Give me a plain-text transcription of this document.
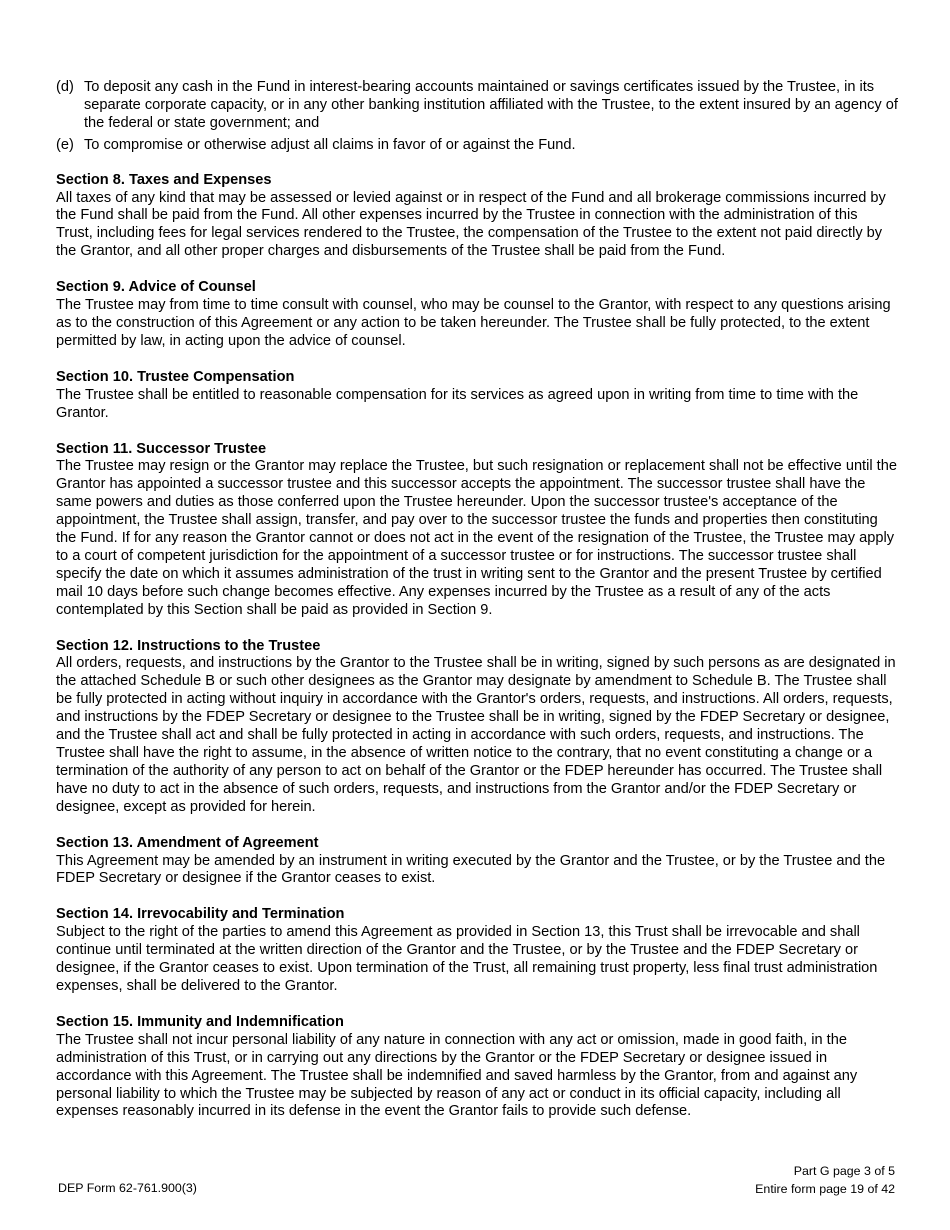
(d) To deposit any cash in the Fund in interest-bearing accounts maintained or savings certificates issued by the Trustee, in its separate corporate capacity, or in any other banking institution affiliated with the Trustee, to the extent insured by an agency of the federal or state government; and
(e) To compromise or otherwise adjust all claims in favor of or against the Fund.
Section 8. Taxes and Expenses
All taxes of any kind that may be assessed or levied against or in respect of the Fund and all brokerage commissions incurred by the Fund shall be paid from the Fund. All other expenses incurred by the Trustee in connection with the administration of this Trust, including fees for legal services rendered to the Trustee, the compensation of the Trustee to the extent not paid directly by the Grantor, and all other proper charges and disbursements of the Trustee shall be paid from the Fund.
Section 9. Advice of Counsel
The Trustee may from time to time consult with counsel, who may be counsel to the Grantor, with respect to any questions arising as to the construction of this Agreement or any action to be taken hereunder. The Trustee shall be fully protected, to the extent permitted by law, in acting upon the advice of counsel.
Section 10. Trustee Compensation
The Trustee shall be entitled to reasonable compensation for its services as agreed upon in writing from time to time with the Grantor.
Section 11. Successor Trustee
The Trustee may resign or the Grantor may replace the Trustee, but such resignation or replacement shall not be effective until the Grantor has appointed a successor trustee and this successor accepts the appointment. The successor trustee shall have the same powers and duties as those conferred upon the Trustee hereunder. Upon the successor trustee's acceptance of the appointment, the Trustee shall assign, transfer, and pay over to the successor trustee the funds and properties then constituting the Fund. If for any reason the Grantor cannot or does not act in the event of the resignation of the Trustee, the Trustee may apply to a court of competent jurisdiction for the appointment of a successor trustee or for instructions. The successor trustee shall specify the date on which it assumes administration of the trust in writing sent to the Grantor and the present Trustee by certified mail 10 days before such change becomes effective. Any expenses incurred by the Trustee as a result of any of the acts contemplated by this Section shall be paid as provided in Section 9.
Section 12. Instructions to the Trustee
All orders, requests, and instructions by the Grantor to the Trustee shall be in writing, signed by such persons as are designated in the attached Schedule B or such other designees as the Grantor may designate by amendment to Schedule B. The Trustee shall be fully protected in acting without inquiry in accordance with the Grantor's orders, requests, and instructions. All orders, requests, and instructions by the FDEP Secretary or designee to the Trustee shall be in writing, signed by the FDEP Secretary or designee, and the Trustee shall act and shall be fully protected in acting in accordance with such orders, requests, and instructions. The Trustee shall have the right to assume, in the absence of written notice to the contrary, that no event constituting a change or a termination of the authority of any person to act on behalf of the Grantor or the FDEP hereunder has occurred. The Trustee shall have no duty to act in the absence of such orders, requests, and instructions from the Grantor and/or the FDEP Secretary or designee, except as provided for herein.
Section 13. Amendment of Agreement
This Agreement may be amended by an instrument in writing executed by the Grantor and the Trustee, or by the Trustee and the FDEP Secretary or designee if the Grantor ceases to exist.
Section 14. Irrevocability and Termination
Subject to the right of the parties to amend this Agreement as provided in Section 13, this Trust shall be irrevocable and shall continue until terminated at the written direction of the Grantor and the Trustee, or by the Trustee and the FDEP Secretary or designee, if the Grantor ceases to exist. Upon termination of the Trust, all remaining trust property, less final trust administration expenses, shall be delivered to the Grantor.
Section 15. Immunity and Indemnification
The Trustee shall not incur personal liability of any nature in connection with any act or omission, made in good faith, in the administration of this Trust, or in carrying out any directions by the Grantor or the FDEP Secretary or designee issued in accordance with this Agreement. The Trustee shall be indemnified and saved harmless by the Grantor, from and against any personal liability to which the Trustee may be subjected by reason of any act or conduct in its official capacity, including all expenses reasonably incurred in its defense in the event the Grantor fails to provide such defense.
DEP Form 62-761.900(3)
Part G page 3 of 5
Entire form page 19 of 42
